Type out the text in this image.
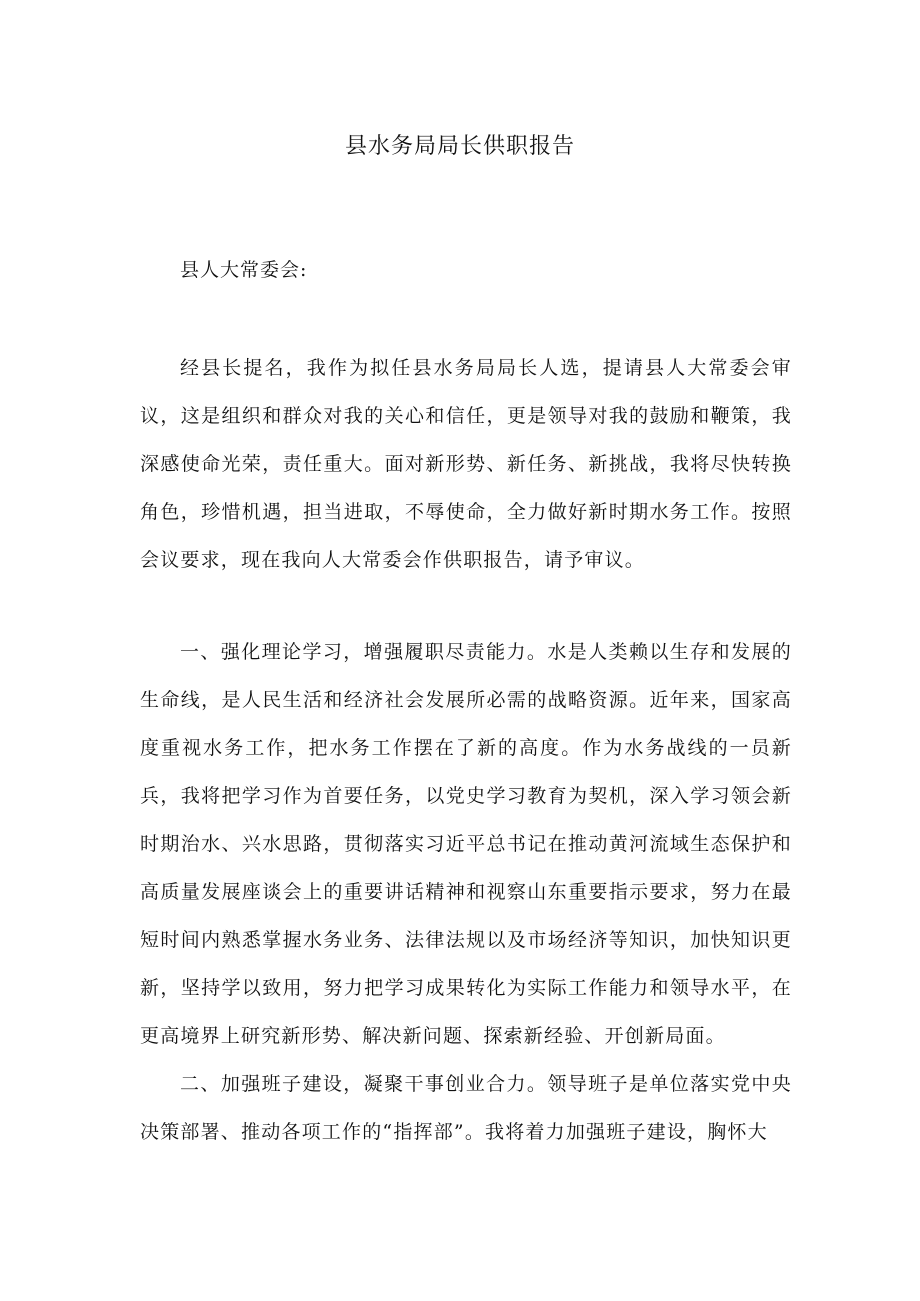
县水务局局长供职报告
县人大常委会:

经县长提名，我作为拟任县水务局局长人选，提请县人大常委会审议，这是组织和群众对我的关心和信任，更是领导对我的鼓励和鞭策，我深感使命光荣，责任重大。面对新形势、新任务、新挑战，我将尽快转换角色，珍惜机遇，担当进取，不辱使命，全力做好新时期水务工作。按照会议要求，现在我向人大常委会作供职报告，请予审议。

一、强化理论学习，增强履职尽责能力。水是人类赖以生存和发展的生命线，是人民生活和经济社会发展所必需的战略资源。近年来，国家高度重视水务工作，把水务工作摆在了新的高度。作为水务战线的一员新兵，我将把学习作为首要任务，以党史学习教育为契机，深入学习领会新时期治水、兴水思路，贯彻落实习近平总书记在推动黄河流域生态保护和高质量发展座谈会上的重要讲话精神和视察山东重要指示要求，努力在最短时间内熟悉掌握水务业务、法律法规以及市场经济等知识，加快知识更新，坚持学以致用，努力把学习成果转化为实际工作能力和领导水平，在更高境界上研究新形势、解决新问题、探索新经验、开创新局面。

二、加强班子建设，凝聚干事创业合力。领导班子是单位落实党中央决策部署、推动各项工作的“指挥部”。我将着力加强班子建设，胸怀大
